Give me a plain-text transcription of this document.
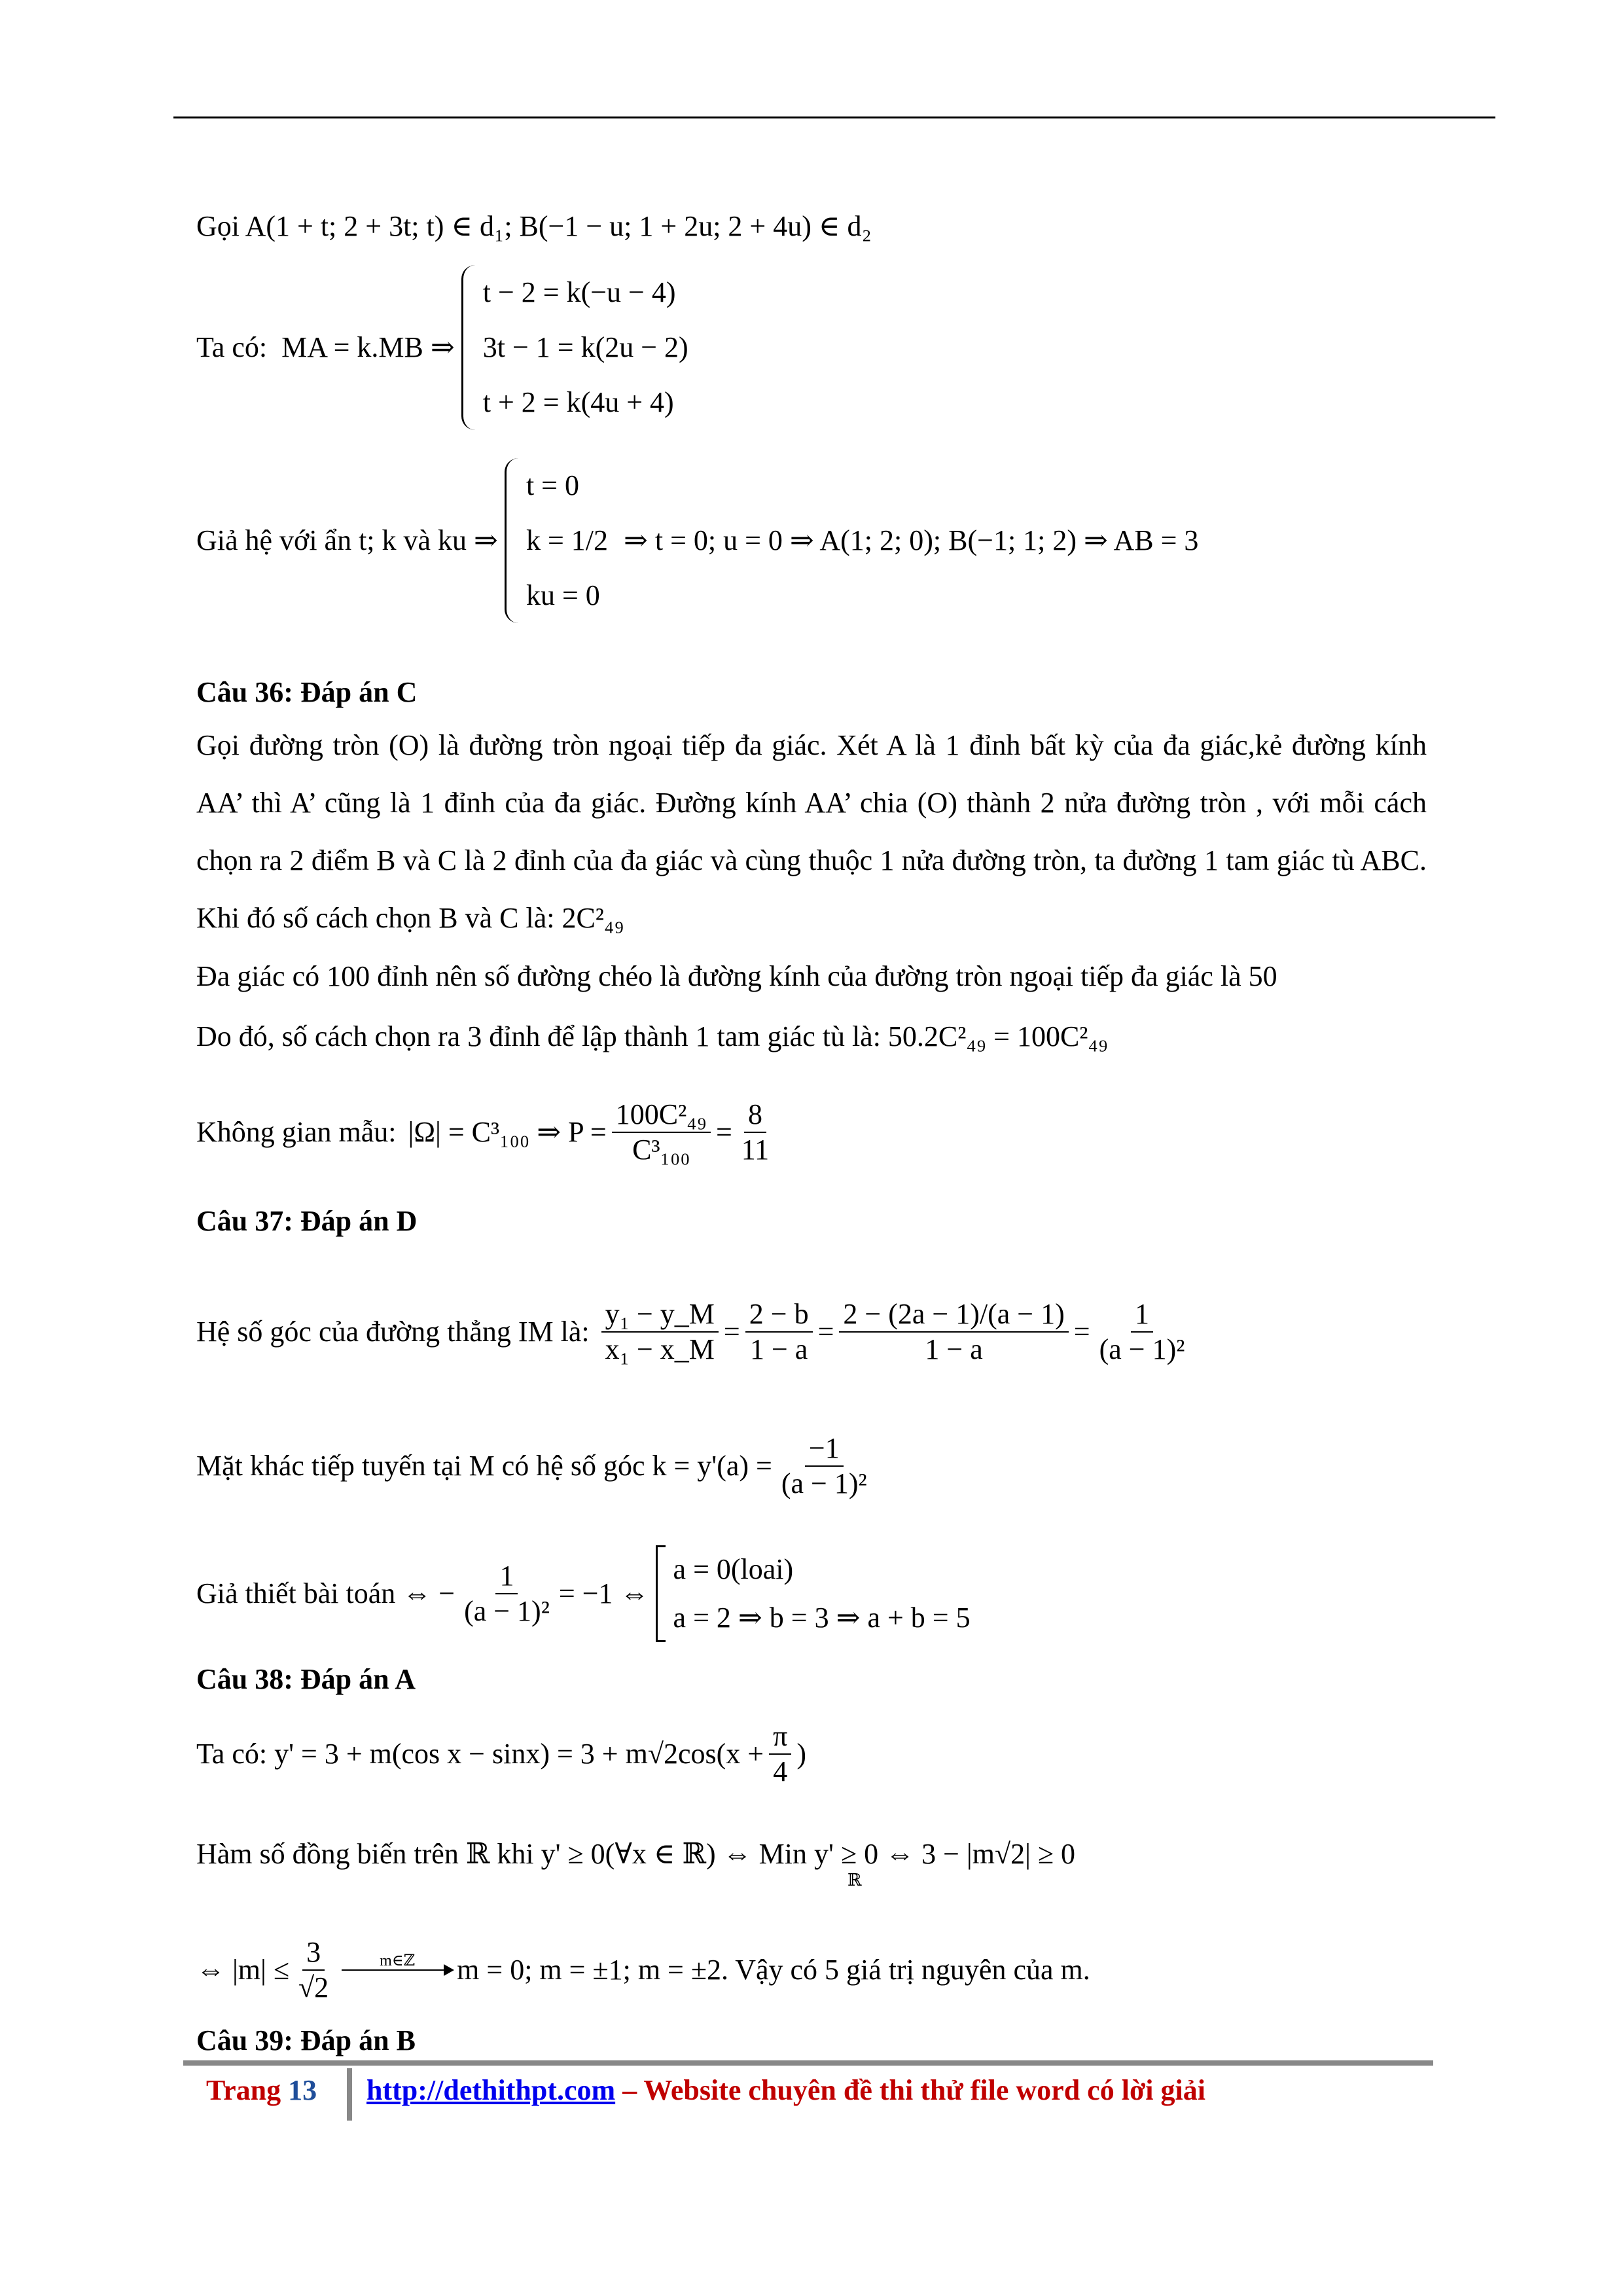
Gọi A(1 + t; 2 + 3t; t) ∈ d₁; B(−1 − u; 1 + 2u; 2 + 4u) ∈ d₂
Ta có: MA = k.MB ⇒
t − 2 = k(−u − 4)
3t − 1 = k(2u − 2)
t + 2 = k(4u + 4)
Giả hệ với ẩn t; k và ku ⇒
t = 0
k = 1/2
ku = 0
⇒ t = 0; u = 0 ⇒ A(1; 2; 0); B(−1; 1; 2) ⇒ AB = 3
Câu 36: Đáp án C
Gọi đường tròn (O) là đường tròn ngoại tiếp đa giác. Xét A là 1 đỉnh bất kỳ của đa giác,kẻ đường kính AA’ thì A’ cũng là 1 đỉnh của đa giác. Đường kính AA’ chia (O) thành 2 nửa đường tròn , với mỗi cách chọn ra 2 điểm B và C là 2 đỉnh của đa giác và cùng thuộc 1 nửa đường tròn, ta đường 1 tam giác tù ABC. Khi đó số cách chọn B và C là: 2C²₄₉
Đa giác có 100 đỉnh nên số đường chéo là đường kính của đường tròn ngoại tiếp đa giác là 50
Do đó, số cách chọn ra 3 đỉnh để lập thành 1 tam giác tù là: 50.2C²₄₉ = 100C²₄₉
Không gian mẫu: |Ω| = C³₁₀₀ ⇒ $P = \frac{\text{100C²₄₉}}{\text{C³₁₀₀}} = \frac{8}{11}$
Câu 37: Đáp án D
Hệ số góc của đường thẳng IM là: $\frac{\text{y₁ − y\_M}}{\text{x₁ − x\_M}} = \frac{2 - b}{1 - a} = \frac{2 - (2a - 1)/(a - 1)}{1 - a} = \frac{1}{\text{(a − 1)²}}$
Mặt khác tiếp tuyến tại M có hệ số góc $k = y'(a) = \frac{-1}{\text{(a − 1)²}}$
Giả thiết bài toán ⇔ − $\frac{1}{\text{(a − 1)²}} = -1$ ⇔
a = 0(loai)
a = 2 ⇒ b = 3 ⇒ a + b = 5
Câu 38: Đáp án A
Ta có: y' = 3 + m(cos $x - \sin x) = 3 + m√2\cos(x + \frac{\pi}{4}$ )
Hàm số đồng biến trên ℝ khi y' ≥ 0(∀x ∈ ℝ) ⇔ Min y' ≥ 0 ⇔ 3 − |m√2| ≥ 0
ℝ
⇔ $|m| \le \frac{3}{√2}$	m∈ℤ m = 0; m = ±1; m = ±2. Vậy có 5 giá trị nguyên của m.
Câu 39: Đáp án B
Trang 13 http://dethithpt.com – Website chuyên đề thi thử file word có lời giải
